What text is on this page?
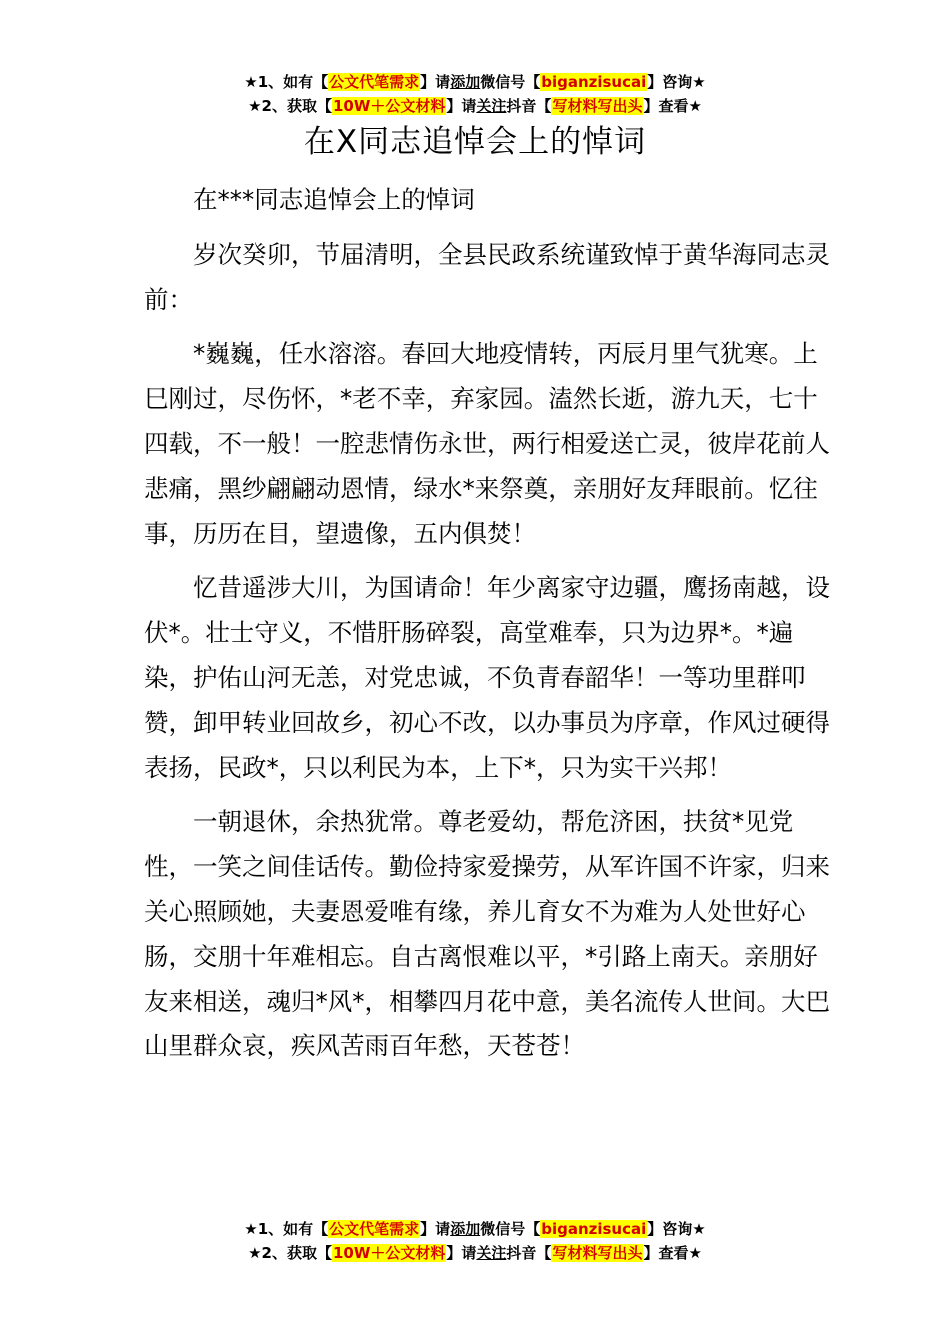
★1、如有【公文代笔需求】请添加微信号【biganzisucai】咨询★
★2、获取【10W＋公文材料】请关注抖音【写材料写出头】查看★
在Ⅹ同志追悼会上的悼词

在***同志追悼会上的悼词

岁次癸卯，节届清明，全县民政系统谨致悼于黄华海同志灵前：

*巍巍，任水溶溶。春回大地疫情转，丙辰月里气犹寒。上巳刚过，尽伤怀，*老不幸，弃家园。溘然长逝，游九天，七十四载，不一般！一腔悲情伤永世，两行相爱送亡灵，彼岸花前人悲痛，黑纱翩翩动恩情，绿水*来祭奠，亲朋好友拜眼前。忆往事，历历在目，望遗像，五内俱焚！

忆昔遥涉大川，为国请命！年少离家守边疆，鹰扬南越，设伏*。壮士守义，不惜肝肠碎裂，高堂难奉，只为边界*。*遍染，护佑山河无恙，对党忠诚，不负青春韶华！一等功里群叩赞，卸甲转业回故乡，初心不改，以办事员为序章，作风过硬得表扬，民政*，只以利民为本，上下*，只为实干兴邦！

一朝退休，余热犹常。尊老爱幼，帮危济困，扶贫*见党性，一笑之间佳话传。勤俭持家爱操劳，从军许国不许家，归来关心照顾她，夫妻恩爱唯有缘，养儿育女不为难为人处世好心肠，交朋十年难相忘。自古离恨难以平，*引路上南天。亲朋好友来相送，魂归*风*，相攀四月花中意，美名流传人世间。大巴山里群众哀，疾风苦雨百年愁，天苍苍！

★1、如有【公文代笔需求】请添加微信号【biganzisucai】咨询★
★2、获取【10W＋公文材料】请关注抖音【写材料写出头】查看★
